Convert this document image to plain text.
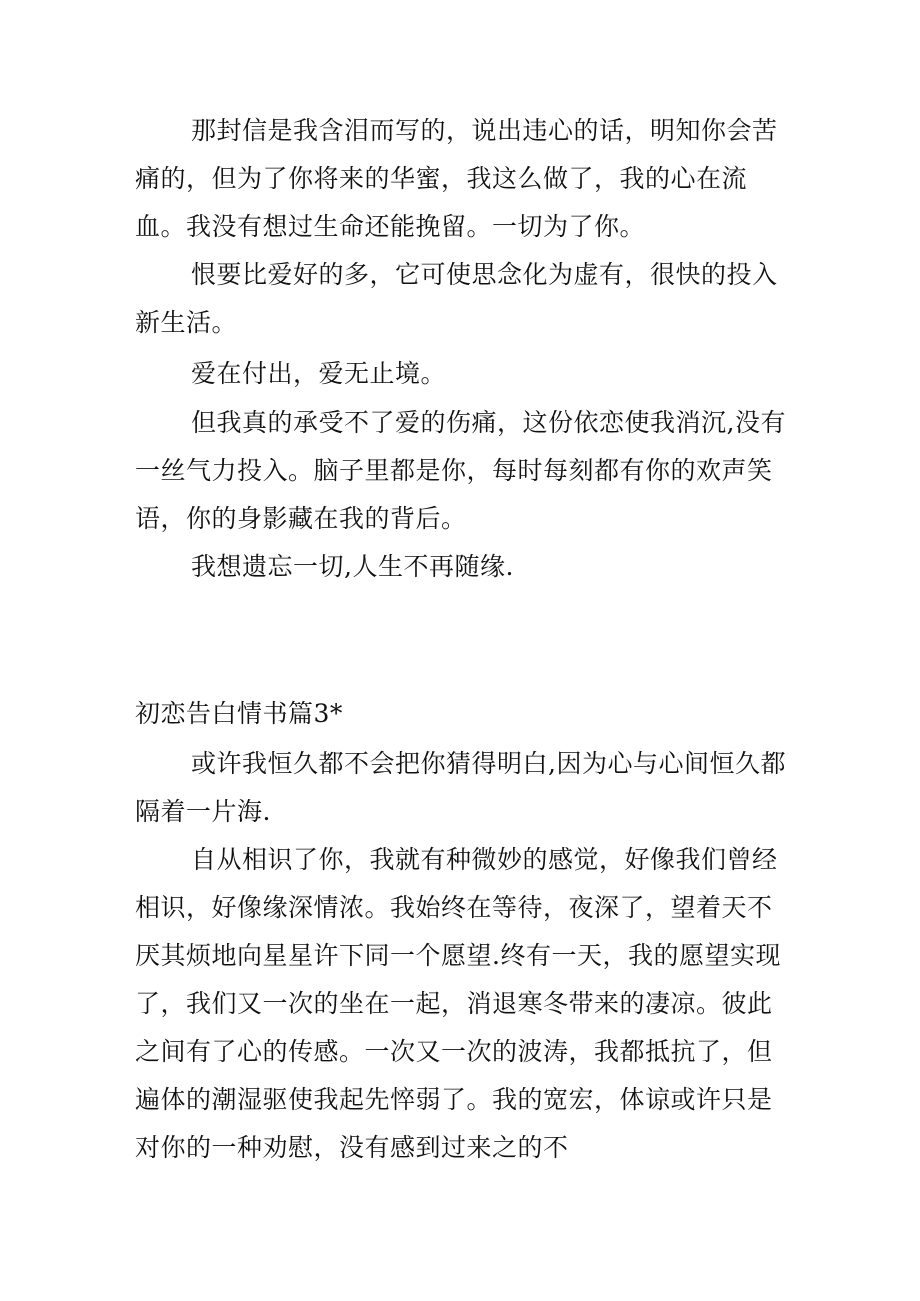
那封信是我含泪而写的，说出违心的话，明知你会苦痛的，但为了你将来的华蜜，我这么做了，我的心在流血。我没有想过生命还能挽留。一切为了你。

恨要比爱好的多，它可使思念化为虚有，很快的投入新生活。

爱在付出，爱无止境。

但我真的承受不了爱的伤痛，这份依恋使我消沉,没有一丝气力投入。脑子里都是你，每时每刻都有你的欢声笑语，你的身影藏在我的背后。

我想遗忘一切,人生不再随缘.

初恋告白情书篇3*

或许我恒久都不会把你猜得明白,因为心与心间恒久都隔着一片海.

自从相识了你，我就有种微妙的感觉，好像我们曾经相识，好像缘深情浓。我始终在等待，夜深了，望着天不厌其烦地向星星许下同一个愿望.终有一天，我的愿望实现了，我们又一次的坐在一起，消退寒冬带来的凄凉。彼此之间有了心的传感。一次又一次的波涛，我都抵抗了，但遍体的潮湿驱使我起先悴弱了。我的宽宏，体谅或许只是对你的一种劝慰，没有感到过来之的不
